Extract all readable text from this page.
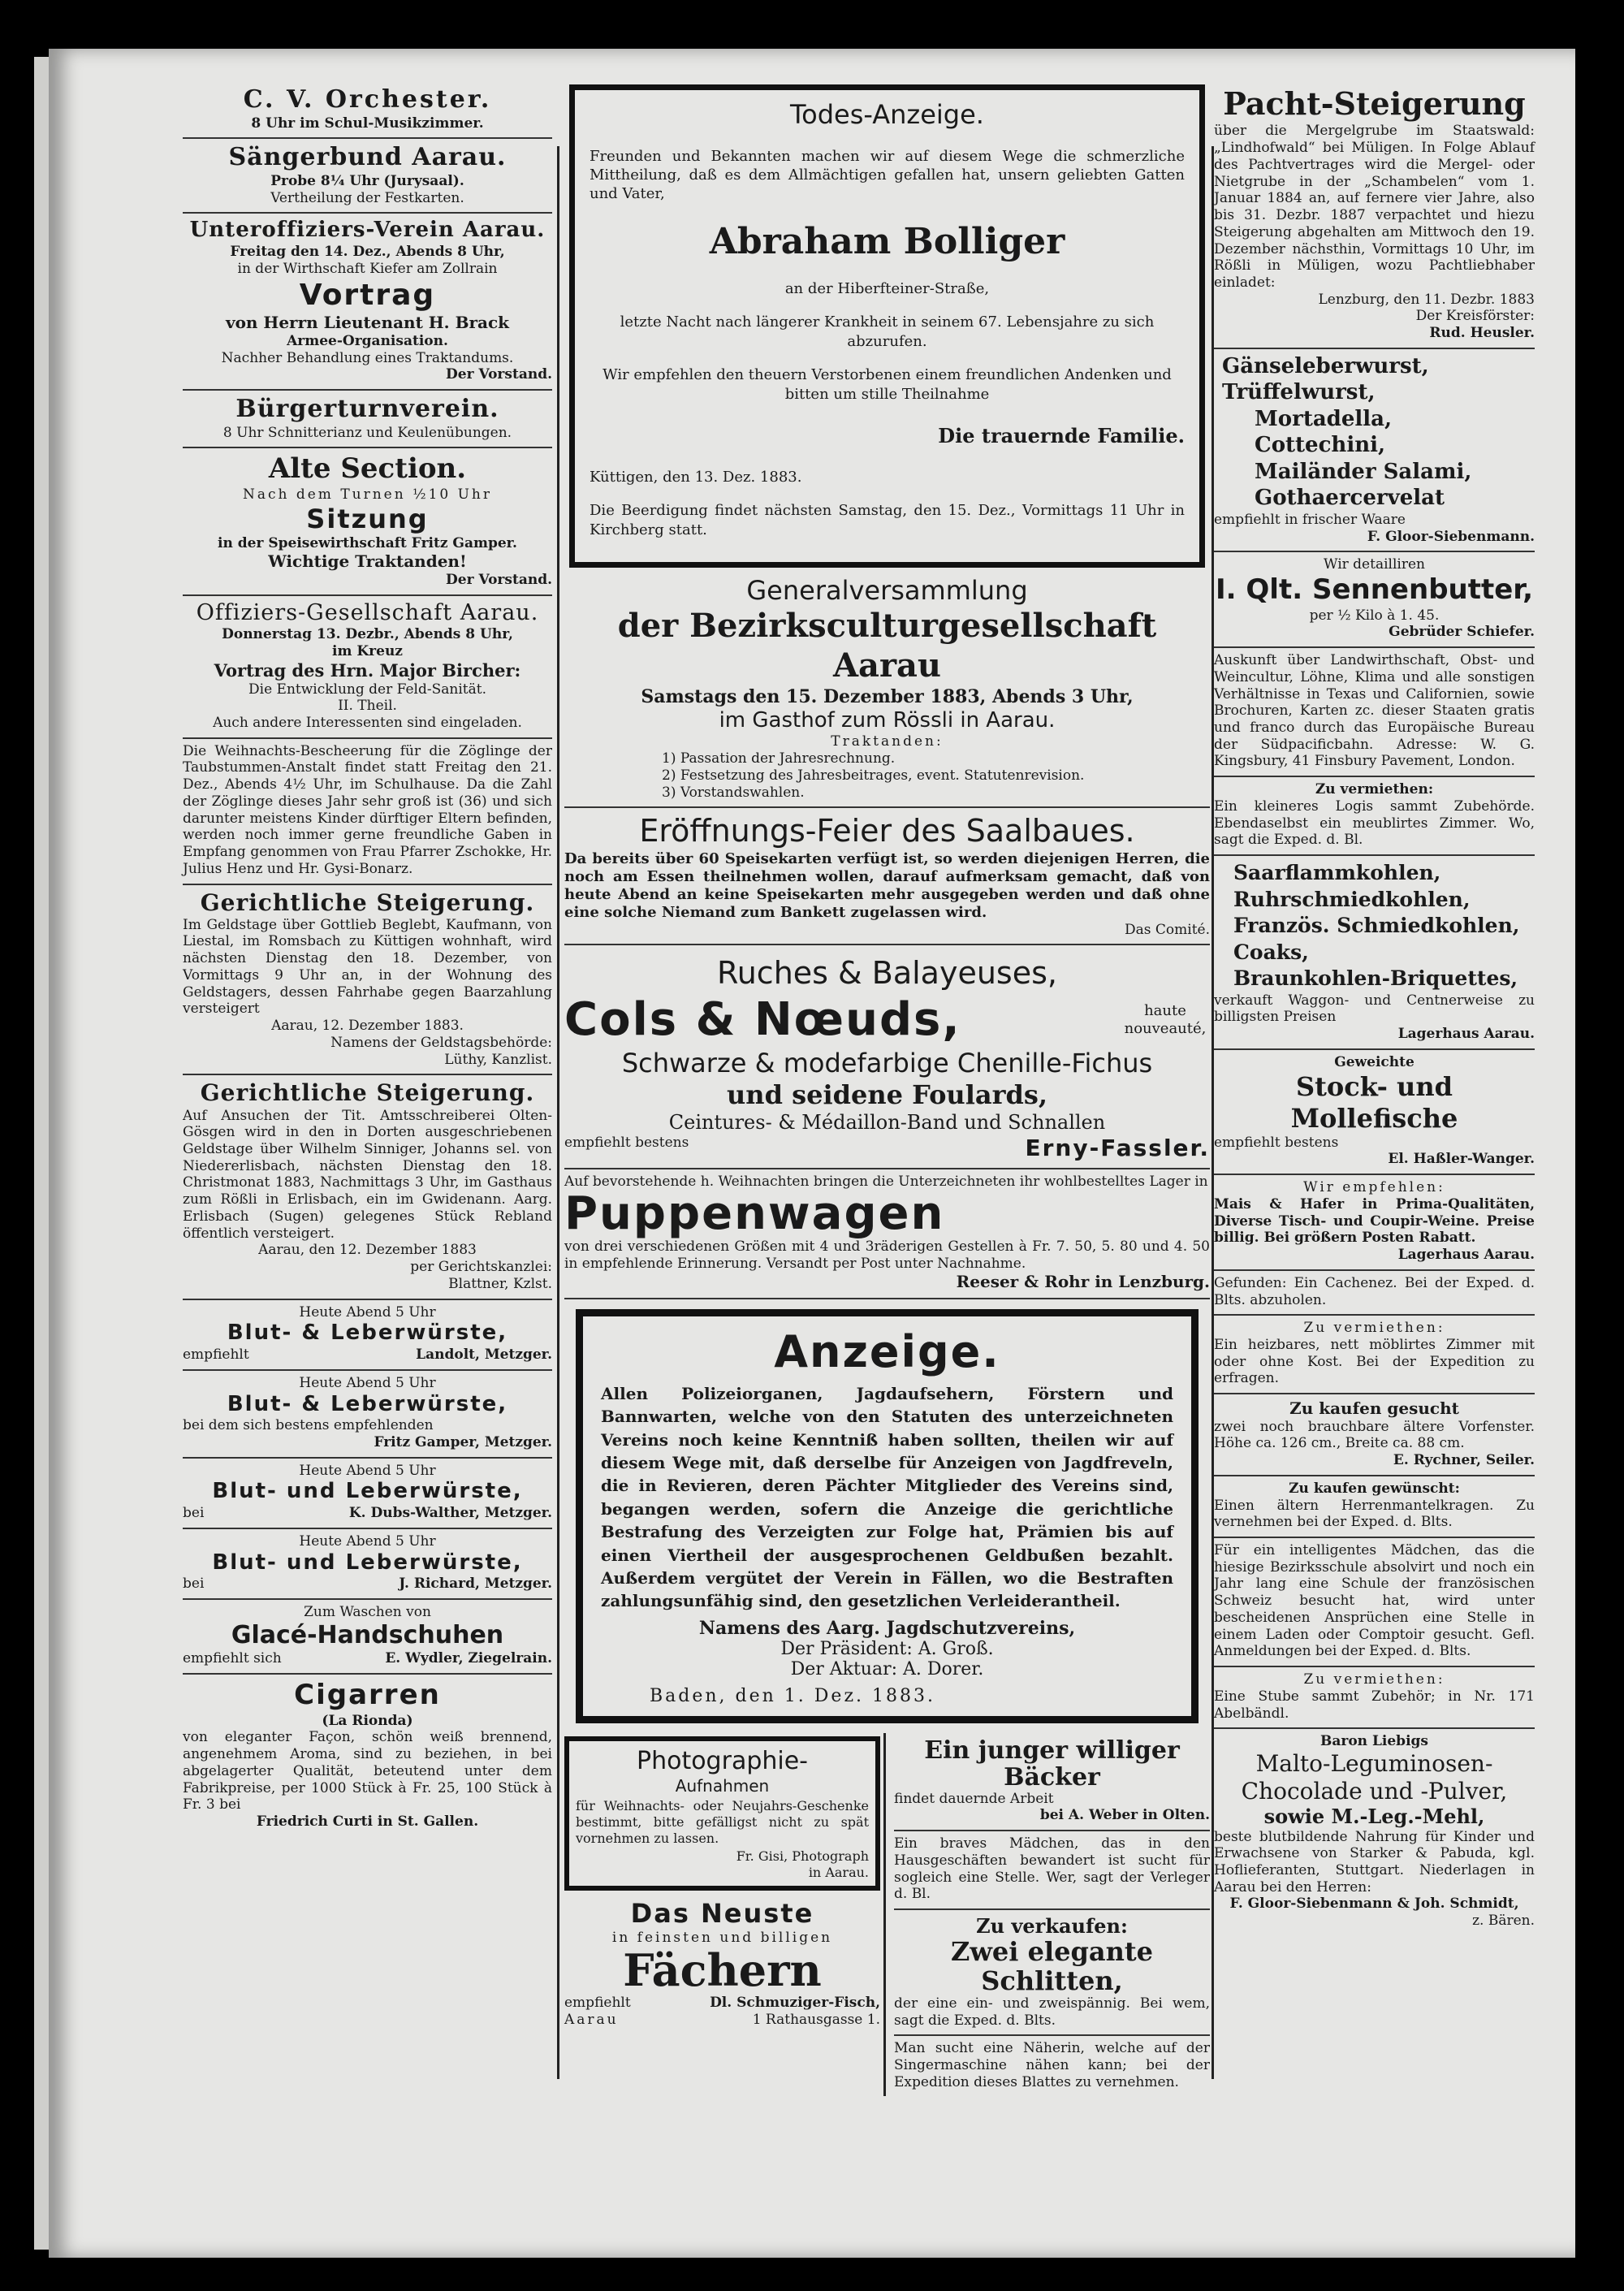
C. V. Orchester.

8 Uhr im Schul-Musikzimmer.

Sängerbund Aarau.

Probe 8¼ Uhr (Jurysaal).

Vertheilung der Festkarten.

Unteroffiziers-Verein Aarau.

Freitag den 14. Dez., Abends 8 Uhr,

in der Wirthschaft Kiefer am Zollrain

Vortrag

von Herrn Lieutenant H. Brack

Armee-Organisation.

Nachher Behandlung eines Traktandums.

Der Vorstand.

Bürgerturnverein.

8 Uhr Schnitterianz und Keulenübungen.

Alte Section.

Nach dem Turnen ½10 Uhr

Sitzung

in der Speisewirthschaft Fritz Gamper.

Wichtige Traktanden!

Der Vorstand.

Offiziers-Gesellschaft Aarau.

Donnerstag 13. Dezbr., Abends 8 Uhr,

im Kreuz

Vortrag des Hrn. Major Bircher:

Die Entwicklung der Feld-Sanität.

II. Theil.

Auch andere Interessenten sind eingeladen.

Die Weihnachts-Bescheerung für die Zöglinge der Taubstummen-Anstalt findet statt Freitag den 21. Dez., Abends 4½ Uhr, im Schulhause. Da die Zahl der Zöglinge dieses Jahr sehr groß ist (36) und sich darunter meistens Kinder dürftiger Eltern befinden, werden noch immer gerne freundliche Gaben in Empfang genommen von Frau Pfarrer Zschokke, Hr. Julius Henz und Hr. Gysi-Bonarz.

Gerichtliche Steigerung.

Im Geldstage über Gottlieb Beglebt, Kaufmann, von Liestal, im Romsbach zu Küttigen wohnhaft, wird nächsten Dienstag den 18. Dezember, von Vormittags 9 Uhr an, in der Wohnung des Geldstagers, dessen Fahrhabe gegen Baarzahlung versteigert

Aarau, 12. Dezember 1883.

Namens der Geldstagsbehörde:

Lüthy, Kanzlist.

Gerichtliche Steigerung.

Auf Ansuchen der Tit. Amtsschreiberei Olten-Gösgen wird in den in Dorten ausgeschriebenen Geldstage über Wilhelm Sinniger, Johanns sel. von Niedererlisbach, nächsten Dienstag den 18. Christmonat 1883, Nachmittags 3 Uhr, im Gasthaus zum Rößli in Erlisbach, ein im Gwidenann. Aarg. Erlisbach (Sugen) gelegenes Stück Rebland öffentlich versteigert.

Aarau, den 12. Dezember 1883

per Gerichtskanzlei:

Blattner, Kzlst.

Heute Abend 5 Uhr

Blut- & Leberwürste,

empfiehlt	Landolt, Metzger.

Heute Abend 5 Uhr

Blut- & Leberwürste,

bei dem sich bestens empfehlenden

Fritz Gamper, Metzger.

Heute Abend 5 Uhr

Blut- und Leberwürste,

bei	K. Dubs-Walther, Metzger.

Heute Abend 5 Uhr

Blut- und Leberwürste,

bei	J. Richard, Metzger.

Zum Waschen von

Glacé-Handschuhen

empfiehlt sich	E. Wydler, Ziegelrain.

Cigarren

(La Rionda)

von eleganter Façon, schön weiß brennend, angenehmem Aroma, sind zu beziehen, in bei abgelagerter Qualität, beteutend unter dem Fabrikpreise, per 1000 Stück à Fr. 25, 100 Stück à Fr. 3 bei

Friedrich Curti in St. Gallen.

Todes-Anzeige.

Freunden und Bekannten machen wir auf diesem Wege die schmerzliche Mittheilung, daß es dem Allmächtigen gefallen hat, unsern geliebten Gatten und Vater,

Abraham Bolliger

an der Hiberfteiner-Straße,

letzte Nacht nach längerer Krankheit in seinem 67. Lebensjahre zu sich abzurufen.

Wir empfehlen den theuern Verstorbenen einem freundlichen Andenken und bitten um stille Theilnahme

Die trauernde Familie.

Küttigen, den 13. Dez. 1883.

Die Beerdigung findet nächsten Samstag, den 15. Dez., Vormittags 11 Uhr in Kirchberg statt.

Generalversammlung

der Bezirksculturgesellschaft Aarau

Samstags den 15. Dezember 1883, Abends 3 Uhr,

im Gasthof zum Rössli in Aarau.

Traktanden:

1) Passation der Jahresrechnung.

2) Festsetzung des Jahresbeitrages, event. Statutenrevision.

3) Vorstandswahlen.

Eröffnungs-Feier des Saalbaues.

Da bereits über 60 Speisekarten verfügt ist, so werden diejenigen Herren, die noch am Essen theilnehmen wollen, darauf aufmerksam gemacht, daß von heute Abend an keine Speisekarten mehr ausgegeben werden und daß ohne eine solche Niemand zum Bankett zugelassen wird.

Das Comité.

Ruches & Balayeuses,

Cols & Nœuds,	haute nouveauté,

Schwarze & modefarbige Chenille-Fichus

und seidene Foulards,

Ceintures- & Médaillon-Band und Schnallen

empfiehlt bestens	Erny-Fassler.

Auf bevorstehende h. Weihnachten bringen die Unterzeichneten ihr wohlbestelltes Lager in

Puppenwagen

von drei verschiedenen Größen mit 4 und 3räderigen Gestellen à Fr. 7. 50, 5. 80 und 4. 50 in empfehlende Erinnerung. Versandt per Post unter Nachnahme.

Reeser & Rohr in Lenzburg.

Anzeige.

Allen Polizeiorganen, Jagdaufsehern, Förstern und Bannwarten, welche von den Statuten des unterzeichneten Vereins noch keine Kenntniß haben sollten, theilen wir auf diesem Wege mit, daß derselbe für Anzeigen von Jagdfreveln, die in Revieren, deren Pächter Mitglieder des Vereins sind, begangen werden, sofern die Anzeige die gerichtliche Bestrafung des Verzeigten zur Folge hat, Prämien bis auf einen Viertheil der ausgesprochenen Geldbußen bezahlt. Außerdem vergütet der Verein in Fällen, wo die Bestraften zahlungsunfähig sind, den gesetzlichen Verleiderantheil.

Namens des Aarg. Jagdschutzvereins,

Der Präsident: A. Groß.

Der Aktuar: A. Dorer.

Baden, den 1. Dez. 1883.

Photographie-

Aufnahmen

für Weihnachts- oder Neujahrs-Geschenke bestimmt, bitte gefälligst nicht zu spät vornehmen zu lassen.

Fr. Gisi, Photograph

in Aarau.

Das Neuste

in feinsten und billigen

Fächern

empfiehlt	Dl. Schmuziger-Fisch,
Aarau	1 Rathausgasse 1.

Ein junger williger Bäcker

findet dauernde Arbeit

bei A. Weber in Olten.

Ein braves Mädchen, das in den Hausgeschäften bewandert ist sucht für sogleich eine Stelle. Wer, sagt der Verleger d. Bl.

Zu verkaufen:

Zwei elegante Schlitten,

der eine ein- und zweispännig. Bei wem, sagt die Exped. d. Blts.

Man sucht eine Näherin, welche auf der Singermaschine nähen kann; bei der Expedition dieses Blattes zu vernehmen.

Pacht-Steigerung

über die Mergelgrube im Staatswald: „Lindhofwald“ bei Müligen. In Folge Ablauf des Pachtvertrages wird die Mergel- oder Nietgrube in der „Schambelen“ vom 1. Januar 1884 an, auf fernere vier Jahre, also bis 31. Dezbr. 1887 verpachtet und hiezu Steigerung abgehalten am Mittwoch den 19. Dezember nächsthin, Vormittags 10 Uhr, im Rößli in Müligen, wozu Pachtliebhaber einladet:

Lenzburg, den 11. Dezbr. 1883

Der Kreisförster:

Rud. Heusler.

Gänseleberwurst,

Trüffelwurst,

Mortadella,

Cottechini,

Mailänder Salami,

Gothaercervelat

empfiehlt in frischer Waare

F. Gloor-Siebenmann.

Wir detailliren

I. Qlt. Sennenbutter,

per ½ Kilo à 1. 45.

Gebrüder Schiefer.

Auskunft über Landwirthschaft, Obst- und Weincultur, Löhne, Klima und alle sonstigen Verhältnisse in Texas und Californien, sowie Brochuren, Karten zc. dieser Staaten gratis und franco durch das Europäische Bureau der Südpacificbahn. Adresse: W. G. Kingsbury, 41 Finsbury Pavement, London.

Zu vermiethen:

Ein kleineres Logis sammt Zubehörde. Ebendaselbst ein meublirtes Zimmer. Wo, sagt die Exped. d. Bl.

Saarflammkohlen,

Ruhrschmiedkohlen,

Französ. Schmiedkohlen,

Coaks,

Braunkohlen-Briquettes,

verkauft Waggon- und Centnerweise zu billigsten Preisen

Lagerhaus Aarau.

Geweichte

Stock- und Mollefische

empfiehlt bestens

El. Haßler-Wanger.

Wir empfehlen:

Mais & Hafer in Prima-Qualitäten, Diverse Tisch- und Coupir-Weine. Preise billig. Bei größern Posten Rabatt.

Lagerhaus Aarau.

Gefunden: Ein Cachenez. Bei der Exped. d. Blts. abzuholen.

Zu vermiethen:

Ein heizbares, nett möblirtes Zimmer mit oder ohne Kost. Bei der Expedition zu erfragen.

Zu kaufen gesucht

zwei noch brauchbare ältere Vorfenster. Höhe ca. 126 cm., Breite ca. 88 cm.

E. Rychner, Seiler.

Zu kaufen gewünscht:

Einen ältern Herrenmantelkragen. Zu vernehmen bei der Exped. d. Blts.

Für ein intelligentes Mädchen, das die hiesige Bezirksschule absolvirt und noch ein Jahr lang eine Schule der französischen Schweiz besucht hat, wird unter bescheidenen Ansprüchen eine Stelle in einem Laden oder Comptoir gesucht. Gefl. Anmeldungen bei der Exped. d. Blts.

Zu vermiethen:

Eine Stube sammt Zubehör; in Nr. 171 Abelbändl.

Baron Liebigs

Malto-Leguminosen-Chocolade und -Pulver,

sowie M.-Leg.-Mehl,

beste blutbildende Nahrung für Kinder und Erwachsene von Starker & Pabuda, kgl. Hoflieferanten, Stuttgart. Niederlagen in Aarau bei den Herren:

F. Gloor-Siebenmann & Joh. Schmidt,

z. Bären.
